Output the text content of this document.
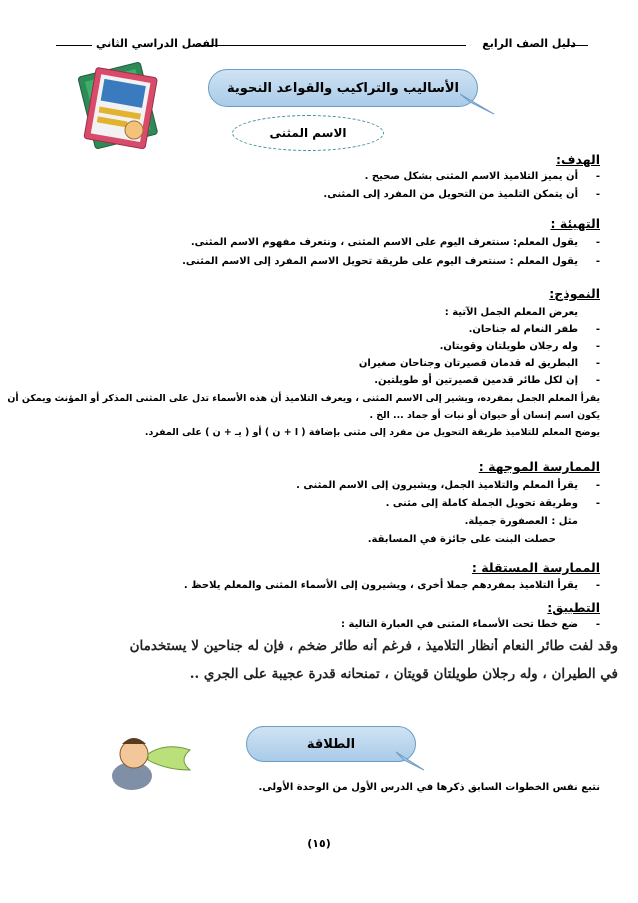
دليل الصف الرابع
الفصل الدراسي الثاني
الأساليب والتراكيب والقواعد النحوية
الاسم المثنى
الهدف:
-أن يميز التلاميذ الاسم المثنى بشكل صحيح .
-أن يتمكن التلميذ من التحويل من المفرد إلى المثنى.
التهيئة :
-يقول المعلم: سنتعرف اليوم على الاسم المثنى ، ونتعرف مفهوم الاسم المثنى.
-يقول المعلم : سنتعرف اليوم على طريقة تحويل الاسم المفرد إلى الاسم المثنى.
النموذج:
يعرض المعلم الجمل الآتية :
-طفر النعام له جناحان.
-وله رجلان طويلتان وقويتان.
-البطريق له قدمان قصيرتان وجناحان صغيران
-إن لكل طائر قدمين قصيرتين أو طويلتين.
يقرأ المعلم الجمل بمفرده، ويشير إلى الاسم المثنى ، ويعرف التلاميذ أن هذه الأسماء تدل على المثنى المذكر أو المؤنث ويمكن أن
يكون اسم إنسان أو حيوان أو نبات أو جماد ... الخ .
يوضح المعلم للتلاميذ طريقة التحويل من مفرد إلى مثنى بإضافة ( ا + ن ) أو ( يـ + ن ) على المفرد.
الممارسة الموجهة :
-يقرأ المعلم والتلاميذ الجمل، ويشيرون إلى الاسم المثنى .
-وطريقة تحويل الجملة كاملة إلى مثنى .
مثل : العصفورة جميلة.
حصلت البنت على جائزة في المسابقة.
الممارسة المستقلة :
-يقرأ التلاميذ بمفردهم جملا أخرى ، ويشيرون إلى الأسماء المثنى والمعلم يلاحظ .
التطبيق:
-ضع خطا تحت الأسماء المثنى في العبارة التالية :
وقد لفت طائر النعام أنظار التلاميذ ، فرغم أنه طائر ضخم ، فإن له جناحين لا يستخدمان
في الطيران ، وله رجلان طويلتان قويتان ، تمنحانه قدرة عجيبة على الجري ..
الطلاقة
نتبع نفس الخطوات السابق ذكرها في الدرس الأول من الوحدة الأولى.
(١٥)
